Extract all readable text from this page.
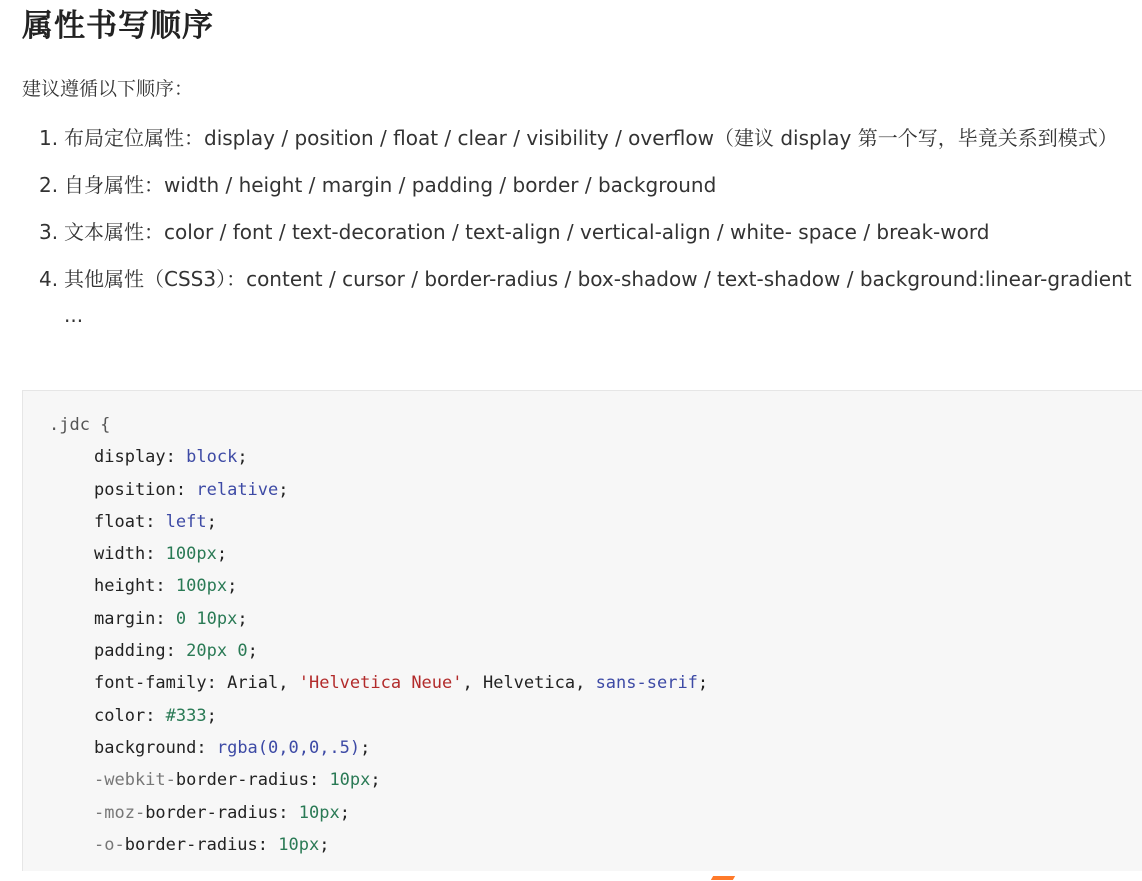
属性书写顺序

建议遵循以下顺序：

1. 布局定位属性：display / position / float / clear / visibility / overflow（建议 display 第一个写，毕竟关系到模式）
2. 自身属性：width / height / margin / padding / border / background
3. 文本属性：color / font / text-decoration / text-align / vertical-align / white- space / break-word
4. 其他属性（CSS3）：content / cursor / border-radius / box-shadow / text-shadow / background:linear-gradient ...
.jdc {
display: block;
position: relative;
float: left;
width: 100px;
height: 100px;
margin: 0 10px;
padding: 20px 0;
font-family: Arial, 'Helvetica Neue', Helvetica, sans-serif;
color: #333;
background: rgba(0,0,0,.5);
-webkit-border-radius: 10px;
-moz-border-radius: 10px;
-o-border-radius: 10px;
